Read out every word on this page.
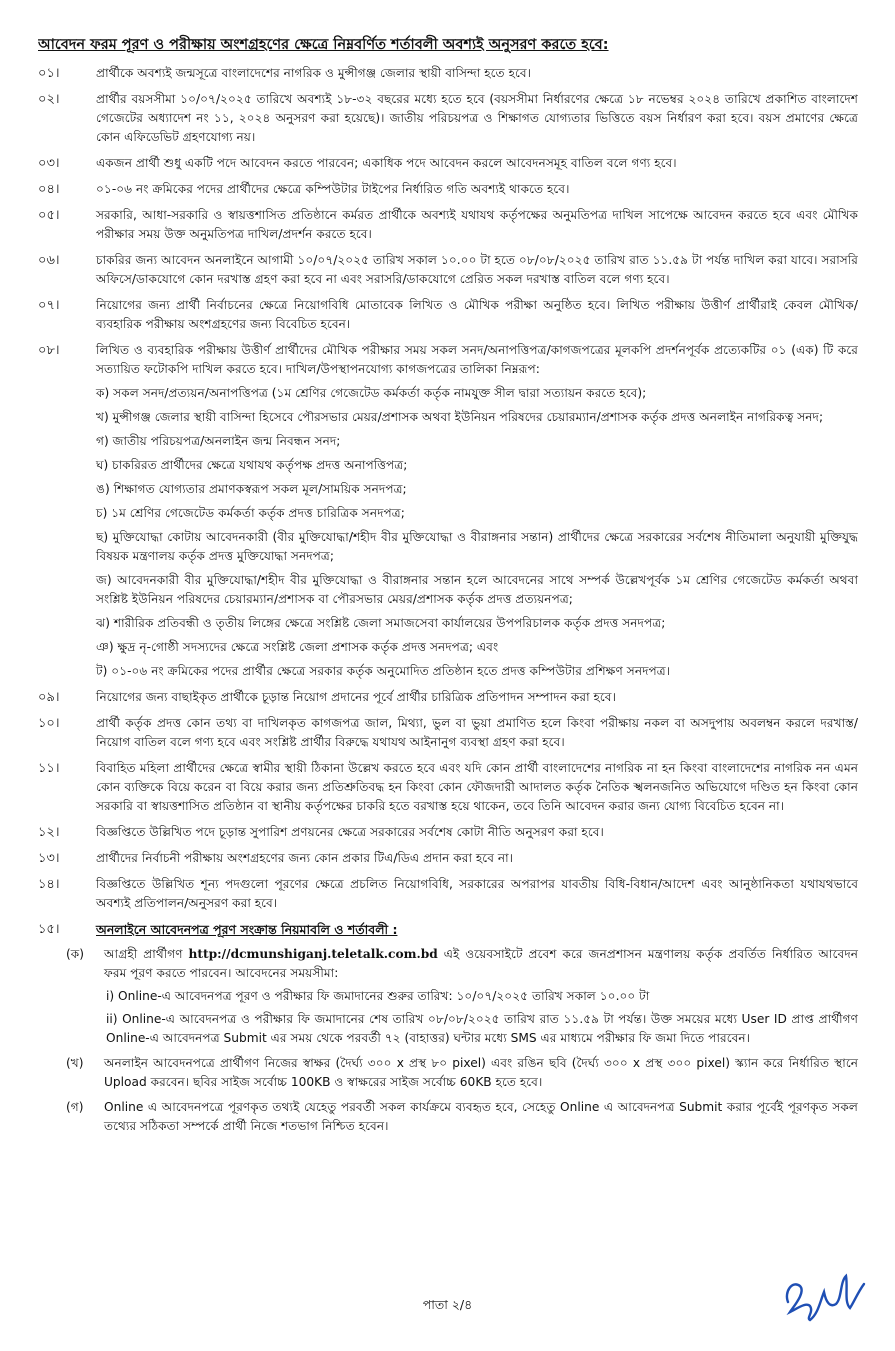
আবেদন ফরম পূরণ ও পরীক্ষায় অংশগ্রহণের ক্ষেত্রে নিম্নবর্ণিত শর্তাবলী অবশ্যই অনুসরণ করতে হবে:
০১।	প্রার্থীকে অবশ্যই জন্মসূত্রে বাংলাদেশের নাগরিক ও মুন্সীগঞ্জ জেলার স্থায়ী বাসিন্দা হতে হবে।
০২।	প্রার্থীর বয়সসীমা ১০/০৭/২০২৫ তারিখে অবশ্যই ১৮-৩২ বছরের মধ্যে হতে হবে (বয়সসীমা নির্ধারণের ক্ষেত্রে ১৮ নভেম্বর ২০২৪ তারিখে প্রকাশিত বাংলাদেশ গেজেটের অধ্যাদেশ নং ১১, ২০২৪ অনুসরণ করা হয়েছে)। জাতীয় পরিচয়পত্র ও শিক্ষাগত যোগ্যতার ভিত্তিতে বয়স নির্ধারণ করা হবে। বয়স প্রমাণের ক্ষেত্রে কোন এফিডেভিট গ্রহণযোগ্য নয়।
০৩।	একজন প্রার্থী শুধু একটি পদে আবেদন করতে পারবেন; একাধিক পদে আবেদন করলে আবেদনসমূহ বাতিল বলে গণ্য হবে।
০৪।	০১-০৬ নং ক্রমিকের পদের প্রার্থীদের ক্ষেত্রে কম্পিউটার টাইপের নির্ধারিত গতি অবশ্যই থাকতে হবে।
০৫।	সরকারি, আধা-সরকারি ও স্বায়ত্তশাসিত প্রতিষ্ঠানে কর্মরত প্রার্থীকে অবশ্যই যথাযথ কর্তৃপক্ষের অনুমতিপত্র দাখিল সাপেক্ষে আবেদন করতে হবে এবং মৌখিক পরীক্ষার সময় উক্ত অনুমতিপত্র দাখিল/প্রদর্শন করতে হবে।
০৬।	চাকরির জন্য আবেদন অনলাইনে আগামী ১০/০৭/২০২৫ তারিখ সকাল ১০.০০ টা হতে ০৮/০৮/২০২৫ তারিখ রাত ১১.৫৯ টা পর্যন্ত দাখিল করা যাবে। সরাসরি অফিসে/ডাকযোগে কোন দরখাস্ত গ্রহণ করা হবে না এবং সরাসরি/ডাকযোগে প্রেরিত সকল দরখাস্ত বাতিল বলে গণ্য হবে।
০৭।	নিয়োগের জন্য প্রার্থী নির্বাচনের ক্ষেত্রে নিয়োগবিধি মোতাবেক লিখিত ও মৌখিক পরীক্ষা অনুষ্ঠিত হবে। লিখিত পরীক্ষায় উত্তীর্ণ প্রার্থীরাই কেবল মৌখিক/ব্যবহারিক পরীক্ষায় অংশগ্রহণের জন্য বিবেচিত হবেন।
০৮।	লিখিত ও ব্যবহারিক পরীক্ষায় উত্তীর্ণ প্রার্থীদের মৌখিক পরীক্ষার সময় সকল সনদ/অনাপত্তিপত্র/কাগজপত্রের মূলকপি প্রদর্শনপূর্বক প্রত্যেকটির ০১ (এক) টি করে সত্যায়িত ফটোকপি দাখিল করতে হবে। দাখিল/উপস্থাপনযোগ্য কাগজপত্রের তালিকা নিম্নরূপ:
ক) সকল সনদ/প্রত্যয়ন/অনাপত্তিপত্র (১ম শ্রেণির গেজেটেড কর্মকর্তা কর্তৃক নামযুক্ত সীল দ্বারা সত্যায়ন করতে হবে);
খ) মুন্সীগঞ্জ জেলার স্থায়ী বাসিন্দা হিসেবে পৌরসভার মেয়র/প্রশাসক অথবা ইউনিয়ন পরিষদের চেয়ারম্যান/প্রশাসক কর্তৃক প্রদত্ত অনলাইন নাগরিকত্ব সনদ;
গ) জাতীয় পরিচয়পত্র/অনলাইন জন্ম নিবন্ধন সনদ;
ঘ) চাকরিরত প্রার্থীদের ক্ষেত্রে যথাযথ কর্তৃপক্ষ প্রদত্ত অনাপত্তিপত্র;
ঙ) শিক্ষাগত যোগ্যতার প্রমাণকস্বরূপ সকল মূল/সাময়িক সনদপত্র;
চ) ১ম শ্রেণির গেজেটেড কর্মকর্তা কর্তৃক প্রদত্ত চারিত্রিক সনদপত্র;
ছ) মুক্তিযোদ্ধা কোটায় আবেদনকারী (বীর মুক্তিযোদ্ধা/শহীদ বীর মুক্তিযোদ্ধা ও বীরাঙ্গনার সন্তান) প্রার্থীদের ক্ষেত্রে সরকারের সর্বশেষ নীতিমালা অনুযায়ী মুক্তিযুদ্ধ বিষয়ক মন্ত্রণালয় কর্তৃক প্রদত্ত মুক্তিযোদ্ধা সনদপত্র;
জ) আবেদনকারী বীর মুক্তিযোদ্ধা/শহীদ বীর মুক্তিযোদ্ধা ও বীরাঙ্গনার সন্তান হলে আবেদনের সাথে সম্পর্ক উল্লেখপূর্বক ১ম শ্রেণির গেজেটেড কর্মকর্তা অথবা সংশ্লিষ্ট ইউনিয়ন পরিষদের চেয়ারম্যান/প্রশাসক বা পৌরসভার মেয়র/প্রশাসক কর্তৃক প্রদত্ত প্রত্যয়নপত্র;
ঝ) শারীরিক প্রতিবন্ধী ও তৃতীয় লিঙ্গের ক্ষেত্রে সংশ্লিষ্ট জেলা সমাজসেবা কার্যালয়ের উপপরিচালক কর্তৃক প্রদত্ত সনদপত্র;
ঞ) ক্ষুদ্র নৃ-গোষ্ঠী সদস্যদের ক্ষেত্রে সংশ্লিষ্ট জেলা প্রশাসক কর্তৃক প্রদত্ত সনদপত্র; এবং
ট) ০১-০৬ নং ক্রমিকের পদের প্রার্থীর ক্ষেত্রে সরকার কর্তৃক অনুমোদিত প্রতিষ্ঠান হতে প্রদত্ত কম্পিউটার প্রশিক্ষণ সনদপত্র।
০৯।	নিয়োগের জন্য বাছাইকৃত প্রার্থীকে চূড়ান্ত নিয়োগ প্রদানের পূর্বে প্রার্থীর চারিত্রিক প্রতিপাদন সম্পাদন করা হবে।
১০।	প্রার্থী কর্তৃক প্রদত্ত কোন তথ্য বা দাখিলকৃত কাগজপত্র জাল, মিথ্যা, ভুল বা ভুয়া প্রমাণিত হলে কিংবা পরীক্ষায় নকল বা অসদুপায় অবলম্বন করলে দরখাস্ত/নিয়োগ বাতিল বলে গণ্য হবে এবং সংশ্লিষ্ট প্রার্থীর বিরুদ্ধে যথাযথ আইনানুগ ব্যবস্থা গ্রহণ করা হবে।
১১।	বিবাহিত মহিলা প্রার্থীদের ক্ষেত্রে স্বামীর স্থায়ী ঠিকানা উল্লেখ করতে হবে এবং যদি কোন প্রার্থী বাংলাদেশের নাগরিক না হন কিংবা বাংলাদেশের নাগরিক নন এমন কোন ব্যক্তিকে বিয়ে করেন বা বিয়ে করার জন্য প্রতিশ্রুতিবদ্ধ হন কিংবা কোন ফৌজদারী আদালত কর্তৃক নৈতিক স্খলনজনিত অভিযোগে দণ্ডিত হন কিংবা কোন সরকারি বা স্বায়ত্তশাসিত প্রতিষ্ঠান বা স্থানীয় কর্তৃপক্ষের চাকরি হতে বরখাস্ত হয়ে থাকেন, তবে তিনি আবেদন করার জন্য যোগ্য বিবেচিত হবেন না।
১২।	বিজ্ঞপ্তিতে উল্লিখিত পদে চূড়ান্ত সুপারিশ প্রণয়নের ক্ষেত্রে সরকারের সর্বশেষ কোটা নীতি অনুসরণ করা হবে।
১৩।	প্রার্থীদের নির্বাচনী পরীক্ষায় অংশগ্রহণের জন্য কোন প্রকার টিএ/ডিএ প্রদান করা হবে না।
১৪।	বিজ্ঞপ্তিতে উল্লিখিত শূন্য পদগুলো পূরণের ক্ষেত্রে প্রচলিত নিয়োগবিধি, সরকারের অপরাপর যাবতীয় বিধি-বিধান/আদেশ এবং আনুষ্ঠানিকতা যথাযথভাবে অবশ্যই প্রতিপালন/অনুসরণ করা হবে।
১৫।	অনলাইনে আবেদনপত্র পূরণ সংক্রান্ত নিয়মাবলি ও শর্তাবলী :
(ক)	আগ্রহী প্রার্থীগণ http://dcmunshiganj.teletalk.com.bd এই ওয়েবসাইটে প্রবেশ করে জনপ্রশাসন মন্ত্রণালয় কর্তৃক প্রবর্তিত নির্ধারিত আবেদন ফরম পূরণ করতে পারবেন। আবেদনের সময়সীমা:
i) Online-এ আবেদনপত্র পূরণ ও পরীক্ষার ফি জমাদানের শুরুর তারিখ: ১০/০৭/২০২৫ তারিখ সকাল ১০.০০ টা
ii) Online-এ আবেদনপত্র ও পরীক্ষার ফি জমাদানের শেষ তারিখ ০৮/০৮/২০২৫ তারিখ রাত ১১.৫৯ টা পর্যন্ত। উক্ত সময়ের মধ্যে User ID প্রাপ্ত প্রার্থীগণ Online-এ আবেদনপত্র Submit এর সময় থেকে পরবর্তী ৭২ (বাহাত্তর) ঘন্টার মধ্যে SMS এর মাধ্যমে পরীক্ষার ফি জমা দিতে পারবেন।
(খ)	অনলাইন আবেদনপত্রে প্রার্থীগণ নিজের স্বাক্ষর (দৈর্ঘ্য ৩০০ x প্রস্থ ৮০ pixel) এবং রঙিন ছবি (দৈর্ঘ্য ৩০০ x প্রস্থ ৩০০ pixel) স্ক্যান করে নির্ধারিত স্থানে Upload করবেন। ছবির সাইজ সর্বোচ্চ 100KB ও স্বাক্ষরের সাইজ সর্বোচ্চ 60KB হতে হবে।
(গ)	Online এ আবেদনপত্রে পূরণকৃত তথ্যই যেহেতু পরবর্তী সকল কার্যক্রমে ব্যবহৃত হবে, সেহেতু Online এ আবেদনপত্র Submit করার পূর্বেই পূরণকৃত সকল তথ্যের সঠিকতা সম্পর্কে প্রার্থী নিজে শতভাগ নিশ্চিত হবেন।
পাতা ২/৪
